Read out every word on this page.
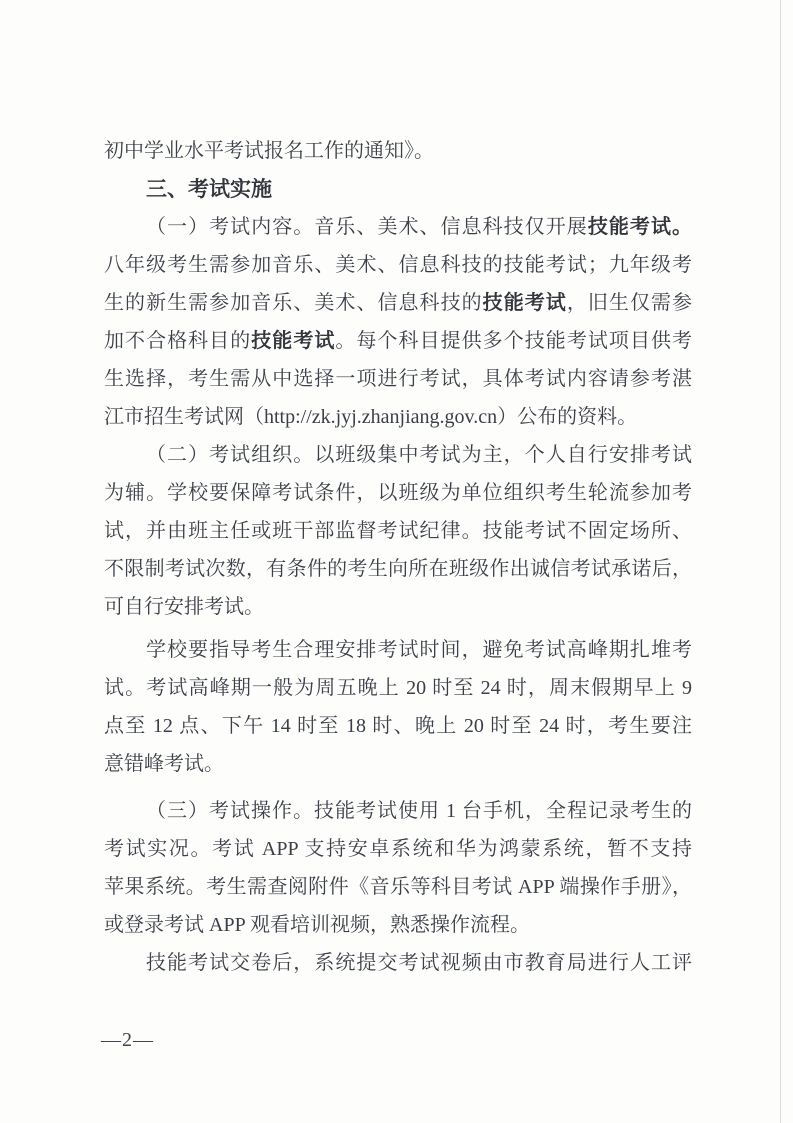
初中学业水平考试报名工作的通知》。
三、考试实施
（一）考试内容。音乐、美术、信息科技仅开展技能考试。
八年级考生需参加音乐、美术、信息科技的技能考试；九年级考
生的新生需参加音乐、美术、信息科技的技能考试，旧生仅需参
加不合格科目的技能考试。每个科目提供多个技能考试项目供考
生选择，考生需从中选择一项进行考试，具体考试内容请参考湛
江市招生考试网（http://zk.jyj.zhanjiang.gov.cn）公布的资料。
（二）考试组织。以班级集中考试为主，个人自行安排考试
为辅。学校要保障考试条件，以班级为单位组织考生轮流参加考
试，并由班主任或班干部监督考试纪律。技能考试不固定场所、
不限制考试次数，有条件的考生向所在班级作出诚信考试承诺后，
可自行安排考试。
学校要指导考生合理安排考试时间，避免考试高峰期扎堆考
试。考试高峰期一般为周五晚上 20 时至 24 时，周末假期早上 9
点至 12 点、下午 14 时至 18 时、晚上 20 时至 24 时，考生要注
意错峰考试。
（三）考试操作。技能考试使用 1 台手机，全程记录考生的
考试实况。考试 APP 支持安卓系统和华为鸿蒙系统，暂不支持
苹果系统。考生需查阅附件《音乐等科目考试 APP 端操作手册》，
或登录考试 APP 观看培训视频，熟悉操作流程。
技能考试交卷后，系统提交考试视频由市教育局进行人工评
—2—
